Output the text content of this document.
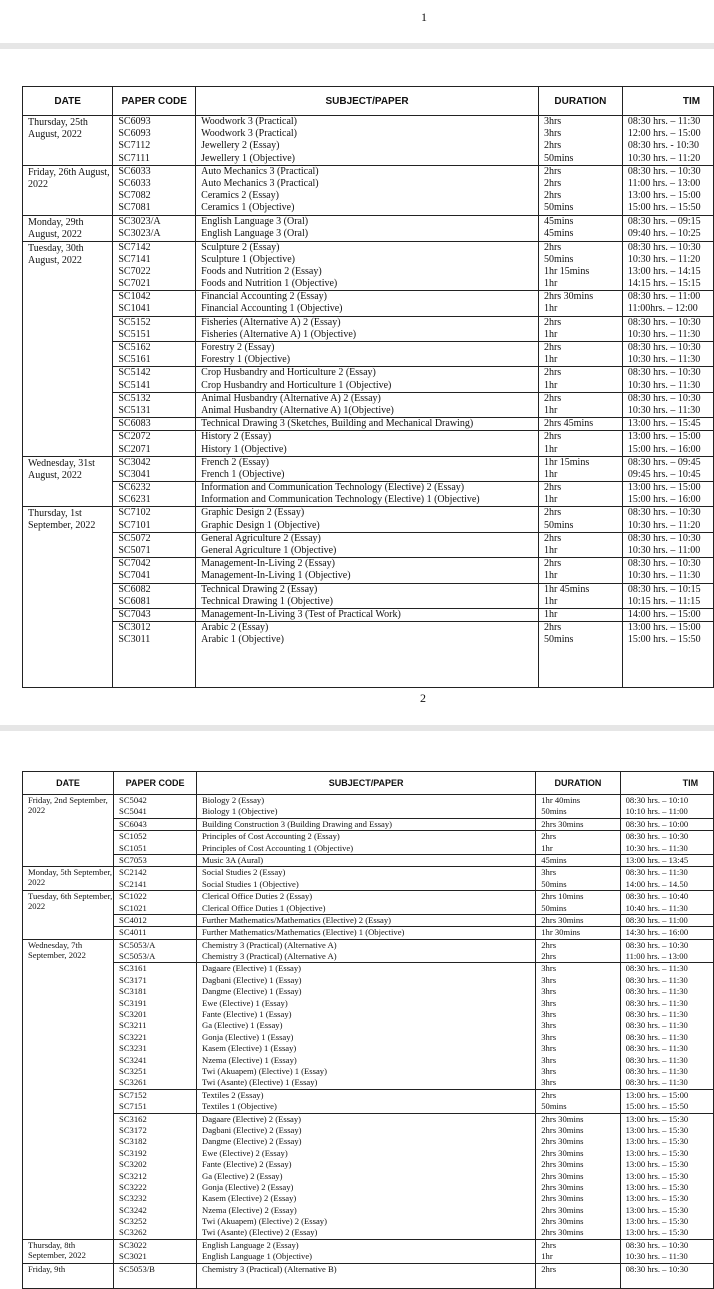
1
DATE	PAPER CODE	SUBJECT/PAPER	DURATION	TIM
Thursday, 25th August, 2022	SC6093	Woodwork 3 (Practical)	3hrs	08:30 hrs. – 11:30
	SC6093	Woodwork 3 (Practical)	3hrs	12:00 hrs. – 15:00
	SC7112	Jewellery 2 (Essay)	2hrs	08:30 hrs. - 10:30
	SC7111	Jewellery 1 (Objective)	50mins	10:30 hrs. – 11:20
Friday, 26th August, 2022	SC6033	Auto Mechanics 3 (Practical)	2hrs	08:30 hrs. – 10:30
	SC6033	Auto Mechanics 3 (Practical)	2hrs	11:00 hrs. – 13:00
	SC7082	Ceramics 2 (Essay)	2hrs	13:00 hrs. – 15:00
	SC7081	Ceramics 1 (Objective)	50mins	15:00 hrs. – 15:50
Monday, 29th August, 2022	SC3023/A	English Language 3 (Oral)	45mins	08:30 hrs. – 09:15
	SC3023/A	English Language 3 (Oral)	45mins	09:40 hrs. – 10:25
Tuesday, 30th August, 2022	SC7142	Sculpture 2 (Essay)	2hrs	08:30 hrs. – 10:30
	SC7141	Sculpture 1 (Objective)	50mins	10:30 hrs. – 11:20
	SC7022	Foods and Nutrition 2 (Essay)	1hr 15mins	13:00 hrs. – 14:15
	SC7021	Foods and Nutrition 1 (Objective)	1hr	14:15 hrs. – 15:15
	SC1042	Financial Accounting 2 (Essay)	2hrs 30mins	08:30 hrs. – 11:00
	SC1041	Financial Accounting 1 (Objective)	1hr	11:00hrs. – 12:00
	SC5152	Fisheries (Alternative A) 2 (Essay)	2hrs	08:30 hrs. – 10:30
	SC5151	Fisheries (Alternative A) 1 (Objective)	1hr	10:30 hrs. – 11:30
	SC5162	Forestry 2 (Essay)	2hrs	08:30 hrs. – 10:30
	SC5161	Forestry 1 (Objective)	1hr	10:30 hrs. – 11:30
	SC5142	Crop Husbandry and Horticulture 2 (Essay)	2hrs	08:30 hrs. – 10:30
	SC5141	Crop Husbandry and Horticulture 1 (Objective)	1hr	10:30 hrs. – 11:30
	SC5132	Animal Husbandry (Alternative A) 2 (Essay)	2hrs	08:30 hrs. – 10:30
	SC5131	Animal Husbandry (Alternative A) 1(Objective)	1hr	10:30 hrs. – 11:30
	SC6083	Technical Drawing 3 (Sketches, Building and Mechanical Drawing)	2hrs 45mins	13:00 hrs. – 15:45
	SC2072	History 2 (Essay)	2hrs	13:00 hrs. – 15:00
	SC2071	History 1 (Objective)	1hr	15:00 hrs. – 16:00
Wednesday, 31st August, 2022	SC3042	French 2 (Essay)	1hr 15mins	08:30 hrs. – 09:45
	SC3041	French 1 (Objective)	1hr	09:45 hrs. – 10:45
	SC6232	Information and Communication Technology (Elective) 2 (Essay)	2hrs	13:00 hrs. – 15:00
	SC6231	Information and Communication Technology (Elective) 1 (Objective)	1hr	15:00 hrs. – 16:00
Thursday, 1st September, 2022	SC7102	Graphic Design 2 (Essay)	2hrs	08:30 hrs. – 10:30
	SC7101	Graphic Design 1 (Objective)	50mins	10:30 hrs. – 11:20
	SC5072	General Agriculture 2 (Essay)	2hrs	08:30 hrs. – 10:30
	SC5071	General Agriculture 1 (Objective)	1hr	10:30 hrs. – 11:00
	SC7042	Management-In-Living 2 (Essay)	2hrs	08:30 hrs. – 10:30
	SC7041	Management-In-Living 1 (Objective)	1hr	10:30 hrs. – 11:30
	SC6082	Technical Drawing 2 (Essay)	1hr 45mins	08:30 hrs. – 10:15
	SC6081	Technical Drawing 1 (Objective)	1hr	10:15 hrs. – 11:15
	SC7043	Management-In-Living 3 (Test of Practical Work)	1hr	14:00 hrs. – 15:00
	SC3012	Arabic 2 (Essay)	2hrs	13:00 hrs. – 15:00
	SC3011	Arabic 1 (Objective)	50mins	15:00 hrs. – 15:50

2
DATE	PAPER CODE	SUBJECT/PAPER	DURATION	TIM
Friday, 2nd September, 2022	SC5042	Biology 2 (Essay)	1hr 40mins	08:30 hrs. – 10:10
	SC5041	Biology 1 (Objective)	50mins	10:10 hrs. – 11:00
	SC6043	Building Construction 3 (Building Drawing and Essay)	2hrs 30mins	08:30 hrs. – 10:00
	SC1052	Principles of Cost Accounting 2 (Essay)	2hrs	08:30 hrs. – 10:30
	SC1051	Principles of Cost Accounting 1 (Objective)	1hr	10:30 hrs. – 11:30
	SC7053	Music 3A (Aural)	45mins	13:00 hrs. – 13:45
Monday, 5th September, 2022	SC2142	Social Studies 2 (Essay)	3hrs	08:30 hrs. – 11:30
	SC2141	Social Studies 1 (Objective)	50mins	14:00 hrs. – 14.50
Tuesday, 6th September, 2022	SC1022	Clerical Office Duties 2 (Essay)	2hrs 10mins	08:30 hrs. – 10:40
	SC1021	Clerical Office Duties 1 (Objective)	50mins	10:40 hrs. – 11:30
	SC4012	Further Mathematics/Mathematics (Elective) 2 (Essay)	2hrs 30mins	08:30 hrs. – 11:00
	SC4011	Further Mathematics/Mathematics (Elective) 1 (Objective)	1hr 30mins	14:30 hrs. – 16:00
Wednesday, 7th September, 2022	SC5053/A	Chemistry 3 (Practical) (Alternative A)	2hrs	08:30 hrs. – 10:30
	SC5053/A	Chemistry 3 (Practical) (Alternative A)	2hrs	11:00 hrs. – 13:00
	SC3161	Dagaare (Elective) 1 (Essay)	3hrs	08:30 hrs. – 11:30
	SC3171	Dagbani (Elective) 1 (Essay)	3hrs	08:30 hrs. – 11:30
	SC3181	Dangme (Elective) 1 (Essay)	3hrs	08:30 hrs. – 11:30
	SC3191	Ewe (Elective) 1 (Essay)	3hrs	08:30 hrs. – 11:30
	SC3201	Fante (Elective) 1 (Essay)	3hrs	08:30 hrs. – 11:30
	SC3211	Ga (Elective) 1 (Essay)	3hrs	08:30 hrs. – 11:30
	SC3221	Gonja (Elective) 1 (Essay)	3hrs	08:30 hrs. – 11:30
	SC3231	Kasem (Elective) 1 (Essay)	3hrs	08:30 hrs. – 11:30
	SC3241	Nzema (Elective) 1 (Essay)	3hrs	08:30 hrs. – 11:30
	SC3251	Twi (Akuapem) (Elective) 1 (Essay)	3hrs	08:30 hrs. – 11:30
	SC3261	Twi (Asante) (Elective) 1 (Essay)	3hrs	08:30 hrs. – 11:30
	SC7152	Textiles 2 (Essay)	2hrs	13:00 hrs. – 15:00
	SC7151	Textiles 1 (Objective)	50mins	15:00 hrs. – 15:50
	SC3162	Dagaare (Elective) 2 (Essay)	2hrs 30mins	13:00 hrs. – 15:30
	SC3172	Dagbani (Elective) 2 (Essay)	2hrs 30mins	13:00 hrs. – 15:30
	SC3182	Dangme (Elective) 2 (Essay)	2hrs 30mins	13:00 hrs. – 15:30
	SC3192	Ewe (Elective) 2 (Essay)	2hrs 30mins	13:00 hrs. – 15:30
	SC3202	Fante (Elective) 2 (Essay)	2hrs 30mins	13:00 hrs. – 15:30
	SC3212	Ga (Elective) 2 (Essay)	2hrs 30mins	13:00 hrs. – 15:30
	SC3222	Gonja (Elective) 2 (Essay)	2hrs 30mins	13:00 hrs. – 15:30
	SC3232	Kasem (Elective) 2 (Essay)	2hrs 30mins	13:00 hrs. – 15:30
	SC3242	Nzema (Elective) 2 (Essay)	2hrs 30mins	13:00 hrs. – 15:30
	SC3252	Twi (Akuapem) (Elective) 2 (Essay)	2hrs 30mins	13:00 hrs. – 15:30
	SC3262	Twi (Asante) (Elective) 2 (Essay)	2hrs 30mins	13:00 hrs. – 15:30
Thursday, 8th September, 2022	SC3022	English Language 2 (Essay)	2hrs	08:30 hrs. – 10:30
	SC3021	English Language 1 (Objective)	1hr	10:30 hrs. – 11:30
Friday, 9th	SC5053/B	Chemistry 3 (Practical) (Alternative B)	2hrs	08:30 hrs. – 10:30
